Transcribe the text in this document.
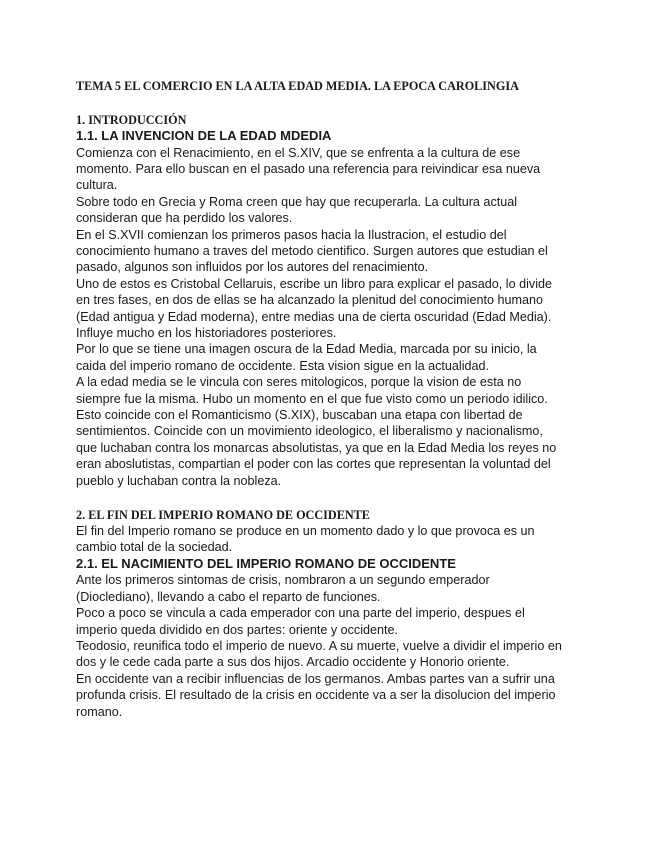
TEMA 5 EL COMERCIO EN LA ALTA EDAD MEDIA. LA EPOCA CAROLINGIA
1. INTRODUCCIÓN
1.1. LA INVENCION DE LA EDAD MDEDIA

Comienza con el Renacimiento, en el S.XIV, que se enfrenta a la cultura de ese

momento. Para ello buscan en el pasado una referencia para reivindicar esa nueva

cultura.

Sobre todo en Grecia y Roma creen que hay que recuperarla. La cultura actual

consideran que ha perdido los valores.

En el S.XVII comienzan los primeros pasos hacia la Ilustracion, el estudio del

conocimiento humano a traves del metodo cientifico. Surgen autores que estudian el

pasado, algunos son influidos por los autores del renacimiento.

Uno de estos es Cristobal Cellaruis, escribe un libro para explicar el pasado, lo divide

en tres fases, en dos de ellas se ha alcanzado la plenitud del conocimiento humano

(Edad antigua y Edad moderna), entre medias una de cierta oscuridad (Edad Media).

Influye mucho en los historiadores posteriores.

Por lo que se tiene una imagen oscura de la Edad Media, marcada por su inicio, la

caida del imperio romano de occidente. Esta vision sigue en la actualidad.

A la edad media se le vincula con seres mitologicos, porque la vision de esta no

siempre fue la misma. Hubo un momento en el que fue visto como un periodo idilico.

Esto coincide con el Romanticismo (S.XIX), buscaban una etapa con libertad de

sentimientos. Coincide con un movimiento ideologico, el liberalismo y nacionalismo,

que luchaban contra los monarcas absolutistas, ya que en la Edad Media los reyes no

eran aboslutistas, compartian el poder con las cortes que representan la voluntad del

pueblo y luchaban contra la nobleza.

2. EL FIN DEL IMPERIO ROMANO DE OCCIDENTE

El fin del Imperio romano se produce en un momento dado y lo que provoca es un

cambio total de la sociedad.

2.1. EL NACIMIENTO DEL IMPERIO ROMANO DE OCCIDENTE

Ante los primeros sintomas de crisis, nombraron a un segundo emperador

(Dioclediano), llevando a cabo el reparto de funciones.

Poco a poco se vincula a cada emperador con una parte del imperio, despues el

imperio queda dividido en dos partes: oriente y occidente.

Teodosio, reunifica todo el imperio de nuevo. A su muerte, vuelve a dividir el imperio en

dos y le cede cada parte a sus dos hijos. Arcadio occidente y Honorio oriente.

En occidente van a recibir influencias de los germanos. Ambas partes van a sufrir una

profunda crisis. El resultado de la crisis en occidente va a ser la disolucion del imperio

romano.
